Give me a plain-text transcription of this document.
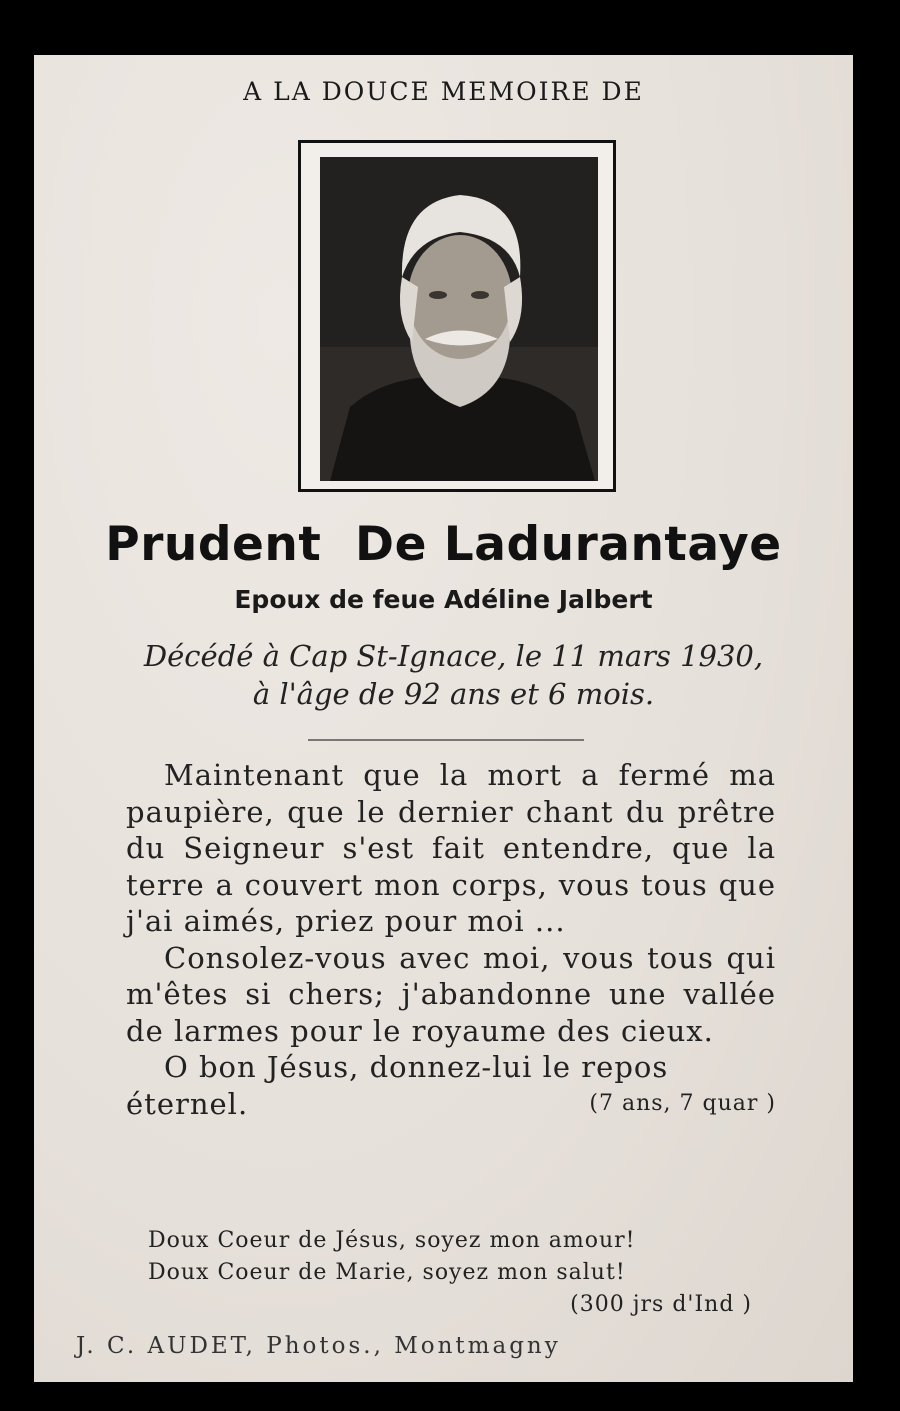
A LA DOUCE MEMOIRE DE
Prudent  De Ladurantaye
Epoux de feue Adéline Jalbert
Décédé à Cap St-Ignace, le 11 mars 1930,
à l'âge de 92 ans et 6 mois.

Maintenant que la mort a fermé ma paupière, que le dernier chant du prêtre du Seigneur s'est fait entendre, que la terre a couvert mon corps, vous tous que j'ai aimés, priez pour moi ...

Consolez-vous avec moi, vous tous qui m'êtes si chers; j'abandonne une vallée de larmes pour le royaume des cieux.

O bon Jésus, donnez-lui le repos

éternel.	(7 ans, 7 quar )
Doux Coeur de Jésus, soyez mon amour!
Doux Coeur de Marie, soyez mon salut!
(300 jrs d'Ind )
J. C. AUDET, Photos., Montmagny
